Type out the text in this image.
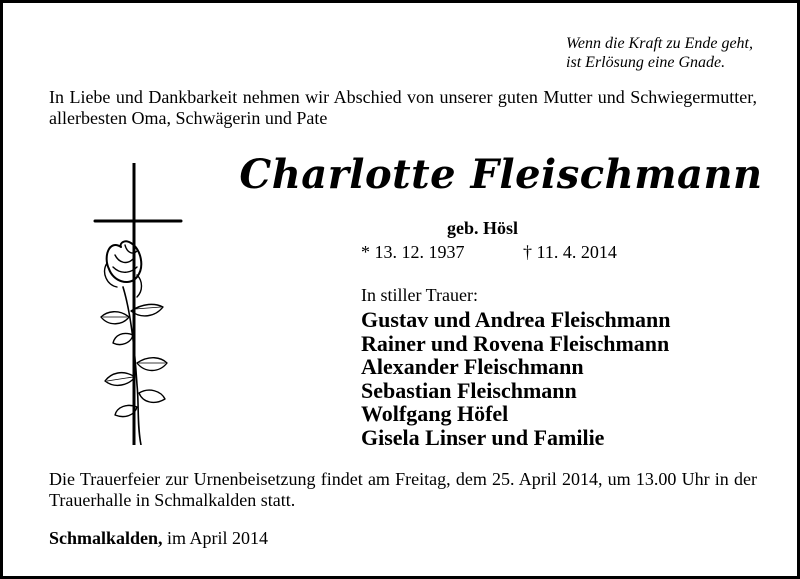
Wenn die Kraft zu Ende geht,
ist Erlösung eine Gnade.
In Liebe und Dankbarkeit nehmen wir Abschied von unserer guten Mutter und Schwiegermutter, allerbesten Oma, Schwägerin und Pate
Charlotte Fleischmann
geb. Hösl
* 13. 12. 1937	† 11. 4. 2014
In stiller Trauer:
Gustav und Andrea Fleischmann
Rainer und Rovena Fleischmann
Alexander Fleischmann
Sebastian Fleischmann
Wolfgang Höfel
Gisela Linser und Familie
Die Trauerfeier zur Urnenbeisetzung findet am Freitag, dem 25. April 2014, um 13.00 Uhr in der Trauerhalle in Schmalkalden statt.
Schmalkalden, im April 2014
